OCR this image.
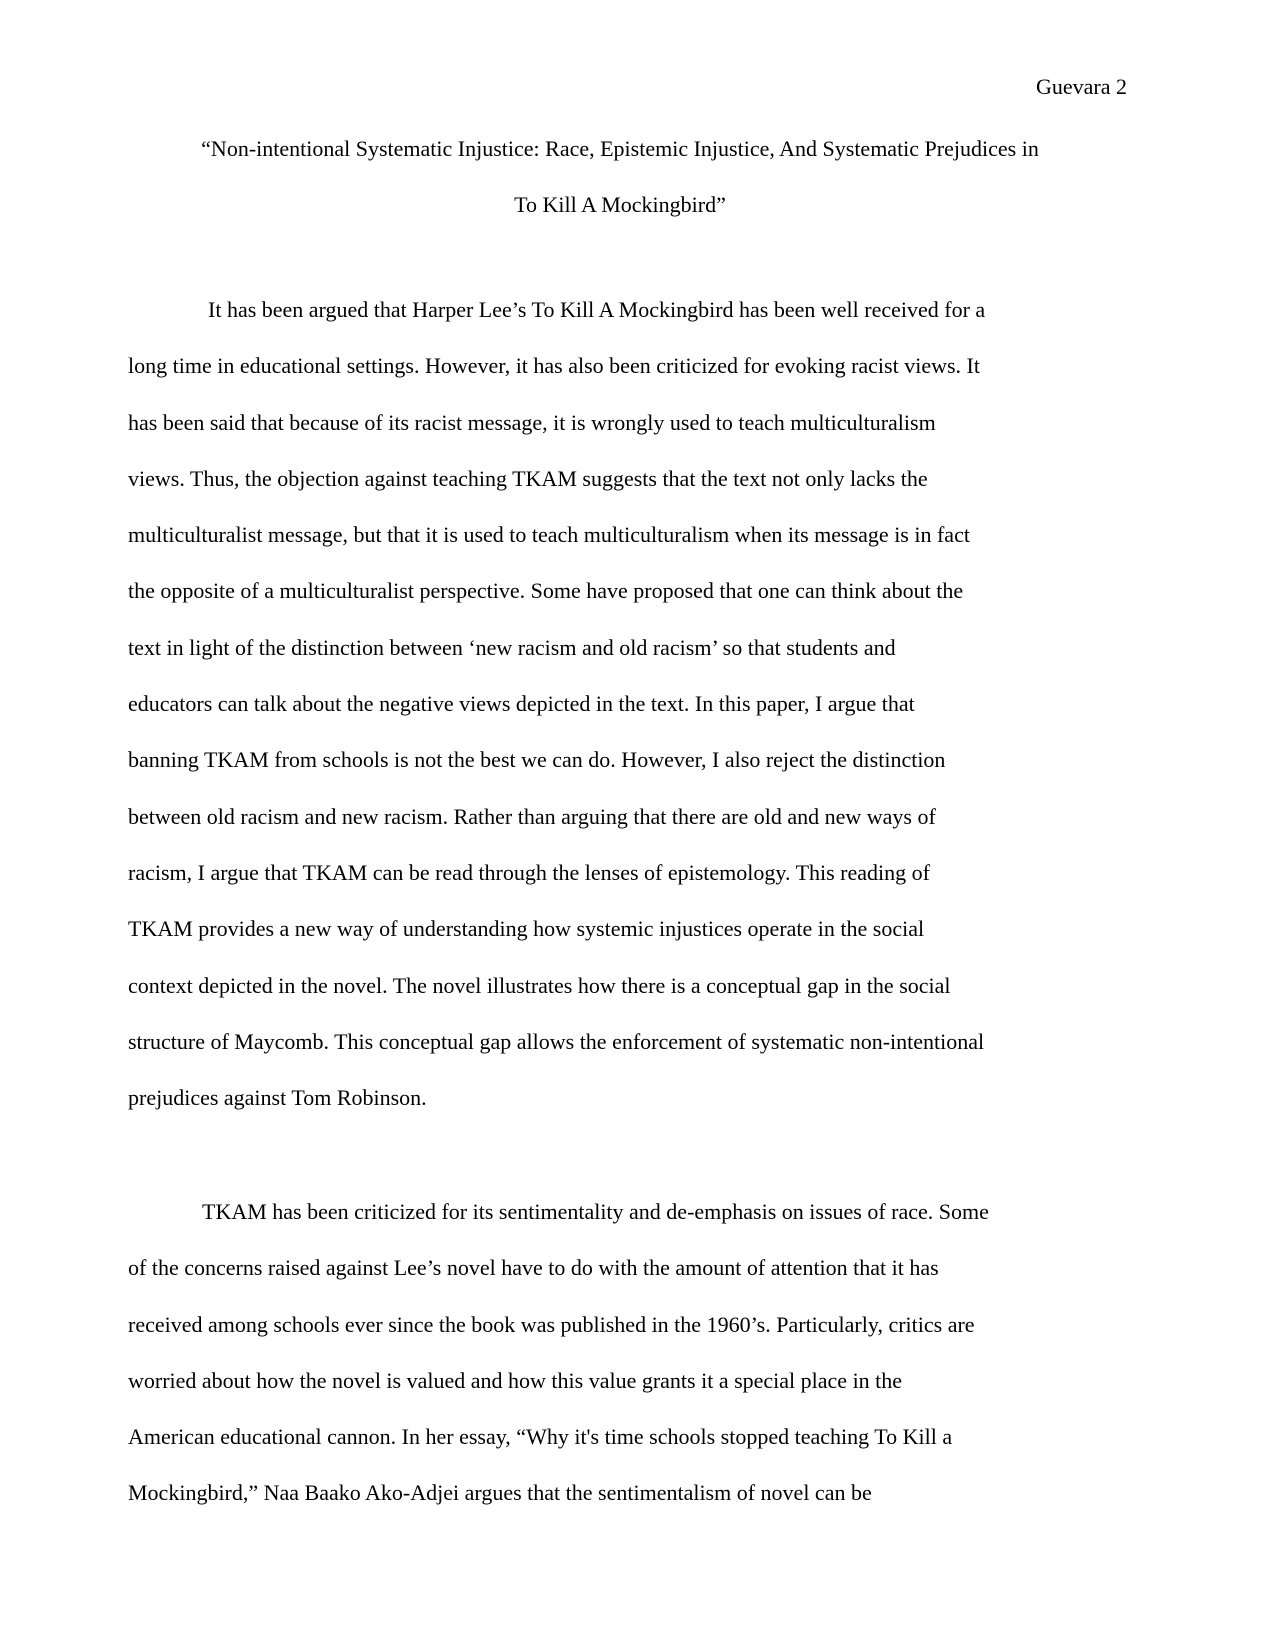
Guevara 2
“Non-intentional Systematic Injustice: Race, Epistemic Injustice, And Systematic Prejudices in
To Kill A Mockingbird”
It has been argued that Harper Lee’s To Kill A Mockingbird has been well received for a
long time in educational settings. However, it has also been criticized for evoking racist views. It
has been said that because of its racist message, it is wrongly used to teach multiculturalism
views. Thus, the objection against teaching TKAM suggests that the text not only lacks the
multiculturalist message, but that it is used to teach multiculturalism when its message is in fact
the opposite of a multiculturalist perspective. Some have proposed that one can think about the
text in light of the distinction between ‘new racism and old racism’ so that students and
educators can talk about the negative views depicted in the text. In this paper, I argue that
banning TKAM from schools is not the best we can do. However, I also reject the distinction
between old racism and new racism. Rather than arguing that there are old and new ways of
racism, I argue that TKAM can be read through the lenses of epistemology. This reading of
TKAM provides a new way of understanding how systemic injustices operate in the social
context depicted in the novel. The novel illustrates how there is a conceptual gap in the social
structure of Maycomb. This conceptual gap allows the enforcement of systematic non-intentional
prejudices against Tom Robinson.
TKAM has been criticized for its sentimentality and de-emphasis on issues of race. Some
of the concerns raised against Lee’s novel have to do with the amount of attention that it has
received among schools ever since the book was published in the 1960’s. Particularly, critics are
worried about how the novel is valued and how this value grants it a special place in the
American educational cannon. In her essay, “Why it's time schools stopped teaching To Kill a
Mockingbird,” Naa Baako Ako-Adjei argues that the sentimentalism of novel can be
